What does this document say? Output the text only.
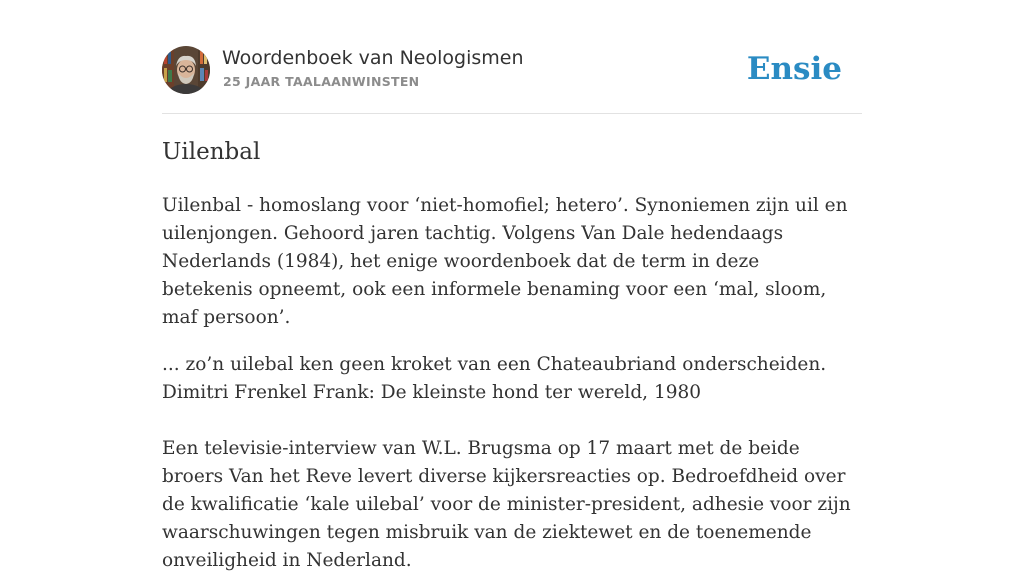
Woordenboek van Neologismen
25 JAAR TAALAANWINSTEN	Ensie
Uilenbal

Uilenbal - homoslang voor ‘niet-homofiel; hetero’. Synoniemen zijn uil en uilenjongen. Gehoord jaren tachtig. Volgens Van Dale hedendaags Nederlands (1984), het enige woordenboek dat de term in deze betekenis opneemt, ook een informele benaming voor een ‘mal, sloom, maf persoon’.

... zo’n uilebal ken geen kroket van een Chateaubriand onderscheiden. Dimitri Frenkel Frank: De kleinste hond ter wereld, 1980

Een televisie-interview van W.L. Brugsma op 17 maart met de beide broers Van het Reve levert diverse kijkersreacties op. Bedroefdheid over de kwalificatie ‘kale uilebal’ voor de minister-president, adhesie voor zijn waarschuwingen tegen misbruik van de ziektewet en de toenemende onveiligheid in Nederland.
